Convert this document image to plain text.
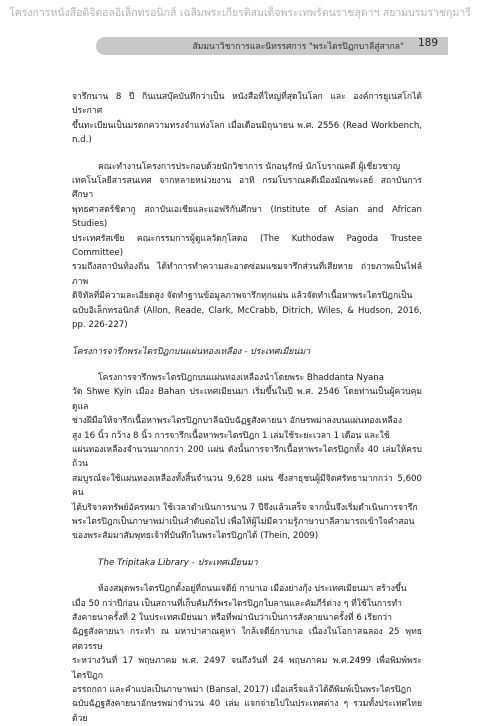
โครงการหนังสือดิจิตอลอิเล็กทรอนิกส์ เฉลิมพระเกียรติสมเด็จพระเทพรัตนราชสุดาฯ สยามบรมราชกุมารี
สัมมนาวิชาการและนิทรรศการ "พระไตรปิฎกบาลีสู่สากล" 189

จารึกนาน 8 ปี กินเนสบุ๊คบันทึกว่าเป็น หนังสือที่ใหญ่ที่สุดในโลก และ องค์การยูเนสโกได้ประกาศ

ขึ้นทะเบียนเป็นมรดกความทรงจำแห่งโลก เมื่อเดือนมิถุนายน พ.ศ. 2556 (Read Workbench, n.d.)

คณะทำงานโครงการประกอบด้วยนักวิชาการ นักอนุรักษ์ นักโบราณคดี ผู้เชี่ยวชาญ

เทคโนโลยีสารสนเทศ จากหลายหน่วยงาน อาทิ กรมโบราณคดีเมืองมัณฑะเลย์ สถาบันการศึกษา

พุทธศาสตร์ชิตากู สถาบันเอเชียและแอฟริกันศึกษา (Institute of Asian and African Studies)

ประเทศรัสเซีย คณะกรรมการผู้ดูแลวัดกุโสดอ (The Kuthodaw Pagoda Trustee Committee)

รวมถึงสถาบันท้องถิ่น ได้ทำการทำความสะอาดซ่อมแซมจารึกส่วนที่เสียหาย ถ่ายภาพเป็นไฟล์ภาพ

ดิจิทัลที่มีความละเอียดสูง จัดทำฐานข้อมูลภาพจารึกทุกแผ่น แล้วจัดทำเนื้อหาพระไตรปิฎกเป็น

ฉบับอิเล็กทรอนิกส์ (Allon, Reade, Clark, McCrabb, Ditrich, Wiles, & Hudson, 2016, pp. 226-227)

โครงการจารึกพระไตรปิฎกบนแผ่นทองเหลือง - ประเทศเมียนมา

โครงการจารึกพระไตรปิฎกบนแผ่นทองเหลืองนำโดยพระ Bhaddanta Nyana

วัด Shwe Kyin เมือง Bahan ประเทศเมียนมา เริ่มขึ้นในปี พ.ศ. 2546 โดยท่านเป็นผู้ควบคุมดูแล

ช่างฝีมือให้จารึกเนื้อหาพระไตรปิฎกบาลีฉบับฉัฏฐสังคายนา อักษรพม่าลงบนแผ่นทองเหลือง

สูง 16 นิ้ว กว้าง 8 นิ้ว การจารึกเนื้อหาพระไตรปิฎก 1 เล่มใช้ระยะเวลา 1 เดือน และใช้

แผ่นทองเหลืองจำนวนมากกว่า 200 แผ่น ดังนั้นการจารึกเนื้อหาพระไตรปิฎกทั้ง 40 เล่มให้ครบถ้วน

สมบูรณ์จะใช้แผ่นทองเหลืองทั้งสิ้นจำนวน 9,628 แผ่น ซึ่งสาธุชนผู้มีจิตศรัทธามากกว่า 5,600 คน

ได้บริจาคทรัพย์อัครหมา ใช้เวลาดำเนินการนาน 7 ปีจึงแล้วเสร็จ จากนั้นจึงเริ่มดำเนินการจารึก

พระไตรปิฎกเป็นภาษาพม่าเป็นลำดับต่อไป เพื่อให้ผู้ไม่มีความรู้ภาษาบาลีสามารถเข้าใจคำสอน

ของพระสัมมาสัมพุทธเจ้าที่บันทึกในพระไตรปิฎกได้ (Thein, 2009)

The Tripitaka Library - ประเทศเมียนมา

ห้องสมุดพระไตรปิฎกตั้งอยู่ที่ถนนเจดีย์ กาบาเอ เมืองย่างกุ้ง ประเทศเมียนมา สร้างขึ้น

เมื่อ 50 กว่าปีก่อน เป็นสถานที่เก็บคัมภีร์พระไตรปิฎกใบลานและคัมภีร์ต่าง ๆ ที่ใช้ในการทำ

สังคายนาครั้งที่ 2 ในประเทศเมียนมา หรือที่พม่านับว่าเป็นการสังคายนาครั้งที่ 6 เรียกว่า

ฉัฏฐสังคายนา กระทำ ณ มหาปาสาณคูหา ใกล้เจดีย์กาบาเอ เนื่องในโอกาสฉลอง 25 พุทธศตวรรษ

ระหว่างวันที่ 17 พฤษภาคม พ.ศ. 2497 จนถึงวันที่ 24 พฤษภาคม พ.ศ.2499 เพื่อพิมพ์พระไตรปิฎก

อรรถกถา และคำแปลเป็นภาษาพม่า (Bansal, 2017) เมื่อเสร็จแล้วได้ตีพิมพ์เป็นพระไตรปิฎก

ฉบับฉัฏฐสังคายนาอักษรพม่าจำนวน 40 เล่ม แจกจ่ายไปในประเทศต่าง ๆ รวมทั้งประเทศไทยด้วย
